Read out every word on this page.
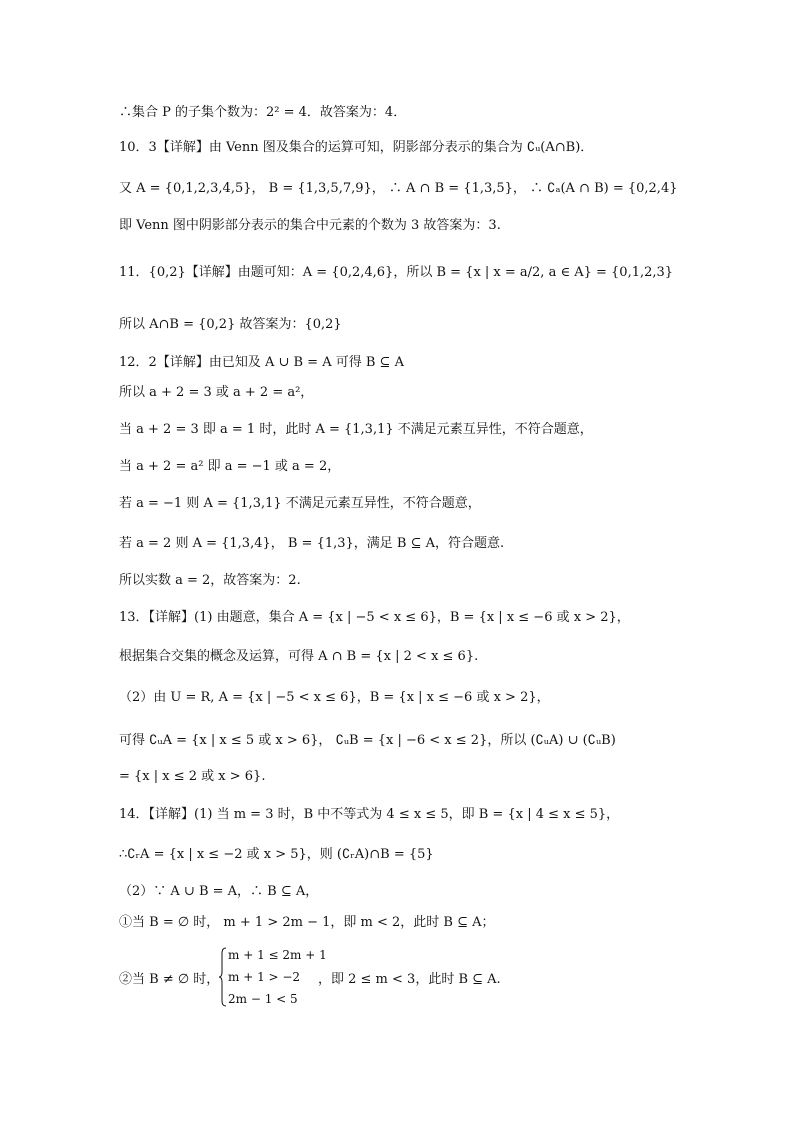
∴集合 P 的子集个数为：2² = 4．故答案为：4．
10．3【详解】由 Venn 图及集合的运算可知，阴影部分表示的集合为 ∁ᵤ(A∩B)．
又 A = {0,1,2,3,4,5}， B = {1,3,5,7,9}， ∴ A ∩ B = {1,3,5}， ∴ ∁ₐ(A ∩ B) = {0,2,4}
即 Venn 图中阴影部分表示的集合中元素的个数为 3 故答案为：3.
11．{0,2}【详解】由题可知：A = {0,2,4,6}，所以 B = {x | x = a/2, a ∈ A} = {0,1,2,3}
所以 A∩B = {0,2} 故答案为：{0,2}
12．2【详解】由已知及 A ∪ B = A 可得 B ⊆ A
所以 a + 2 = 3 或 a + 2 = a²，
当 a + 2 = 3 即 a = 1 时，此时 A = {1,3,1} 不满足元素互异性，不符合题意，
当 a + 2 = a² 即 a = −1 或 a = 2，
若 a = −1 则 A = {1,3,1} 不满足元素互异性，不符合题意，
若 a = 2 则 A = {1,3,4}， B = {1,3}，满足 B ⊆ A，符合题意.
所以实数 a = 2，故答案为：2.
13．【详解】(1) 由题意，集合 A = {x | −5 < x ≤ 6}，B = {x | x ≤ −6 或 x > 2}，
根据集合交集的概念及运算，可得 A ∩ B = {x | 2 < x ≤ 6}.
（2）由 U = R, A = {x | −5 < x ≤ 6}，B = {x | x ≤ −6 或 x > 2}，
可得 ∁ᵤA = {x | x ≤ 5 或 x > 6}， ∁ᵤB = {x | −6 < x ≤ 2}，所以 (∁ᵤA) ∪ (∁ᵤB)
= {x | x ≤ 2 或 x > 6}.
14．【详解】(1) 当 m = 3 时，B 中不等式为 4 ≤ x ≤ 5，即 B = {x | 4 ≤ x ≤ 5}，
∴∁ᵣA = {x | x ≤ −2 或 x > 5}，则 (∁ᵣA)∩B = {5}
（2）∵ A ∪ B = A，∴ B ⊆ A，
①当 B = ∅ 时， m + 1 > 2m − 1，即 m < 2，此时 B ⊆ A；
②当 B ≠ ∅ 时，	，即 2 ≤ m < 3，此时 B ⊆ A.
m + 1 ≤ 2m + 1
m + 1 > −2
2m − 1 < 5
